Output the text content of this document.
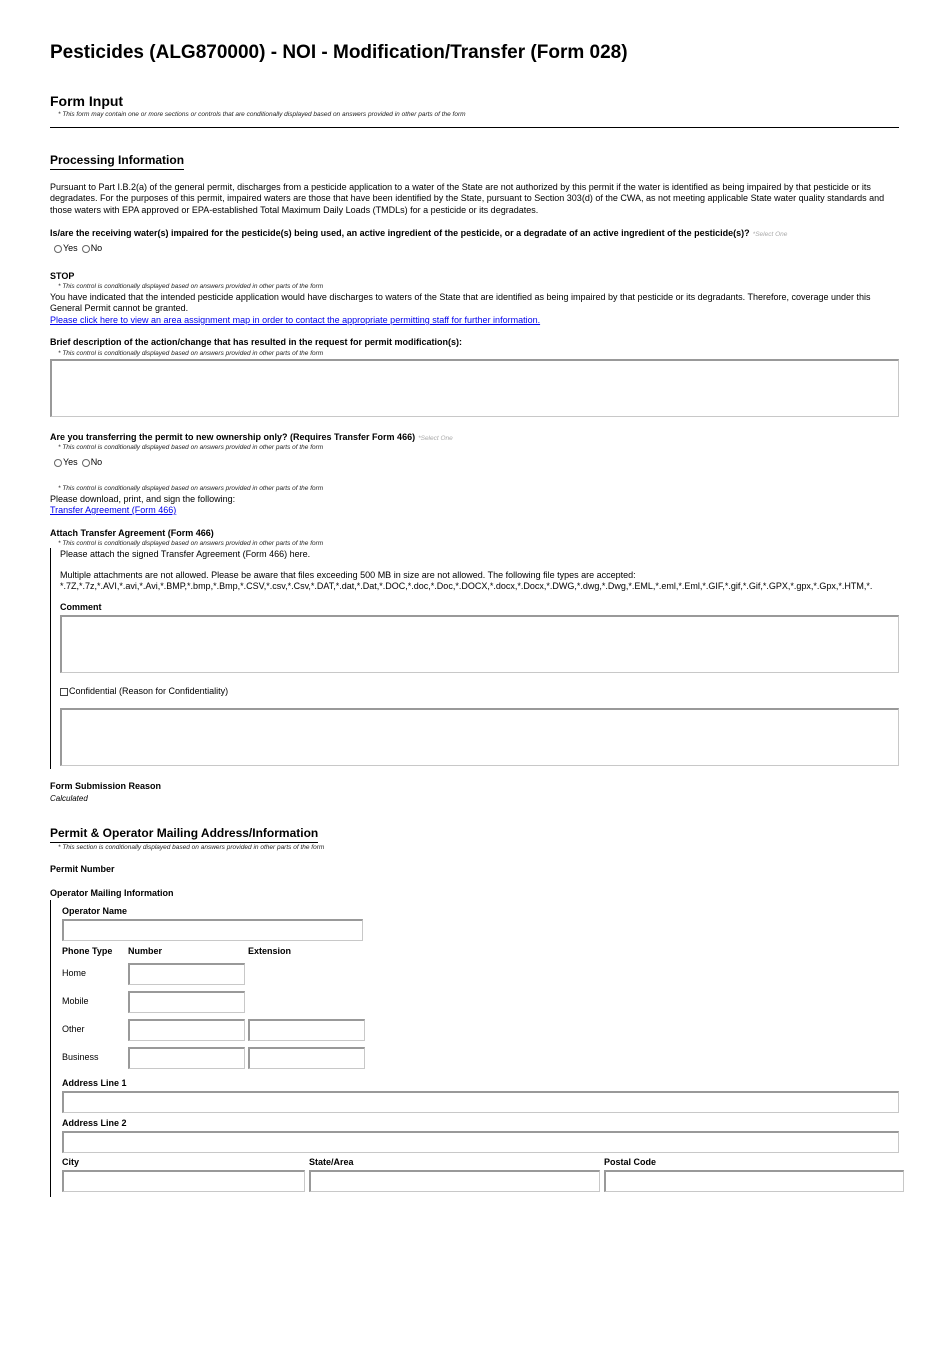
Pesticides (ALG870000) - NOI - Modification/Transfer (Form 028)
Form Input
* This form may contain one or more sections or controls that are conditionally displayed based on answers provided in other parts of the form
Processing Information
Pursuant to Part I.B.2(a) of the general permit, discharges from a pesticide application to a water of the State are not authorized by this permit if the water is identified as being impaired by that pesticide or its degradates. For the purposes of this permit, impaired waters are those that have been identified by the State, pursuant to Section 303(d) of the CWA, as not meeting applicable State water quality standards and those waters with EPA approved or EPA-established Total Maximum Daily Loads (TMDLs) for a pesticide or its degradates.
Is/are the receiving water(s) impaired for the pesticide(s) being used, an active ingredient of the pesticide, or a degradate of an active ingredient of the pesticide(s)? *Select One
Yes	No
STOP
* This control is conditionally displayed based on answers provided in other parts of the form
You have indicated that the intended pesticide application would have discharges to waters of the State that are identified as being impaired by that pesticide or its degradants. Therefore, coverage under this General Permit cannot be granted.
Please click here to view an area assignment map in order to contact the appropriate permitting staff for further information.
Brief description of the action/change that has resulted in the request for permit modification(s):
* This control is conditionally displayed based on answers provided in other parts of the form
Are you transferring the permit to new ownership only? (Requires Transfer Form 466) *Select One
* This control is conditionally displayed based on answers provided in other parts of the form
Yes	No
* This control is conditionally displayed based on answers provided in other parts of the form
Please download, print, and sign the following:
Transfer Agreement (Form 466)
Attach Transfer Agreement (Form 466)
* This control is conditionally displayed based on answers provided in other parts of the form
Please attach the signed Transfer Agreement (Form 466) here.
Multiple attachments are not allowed. Please be aware that files exceeding 500 MB in size are not allowed. The following file types are accepted:
*.7Z,*.7z,*.AVI,*.avi,*.Avi,*.BMP,*.bmp,*.Bmp,*.CSV,*.csv,*.Csv,*.DAT,*.dat,*.Dat,*.DOC,*.doc,*.Doc,*.DOCX,*.docx,*.Docx,*.DWG,*.dwg,*.Dwg,*.EML,*.eml,*.Eml,*.GIF,*.gif,*.Gif,*.GPX,*.gpx,*.Gpx,*.HTM,*.
Comment
Confidential (Reason for Confidentiality)
Form Submission Reason
Calculated
Permit & Operator Mailing Address/Information
* This section is conditionally displayed based on answers provided in other parts of the form
Permit Number
Operator Mailing Information
Operator Name
Phone Type Number	Extension
Home
Mobile
Other
Business
Address Line 1
Address Line 2
City	State/Area	Postal Code
